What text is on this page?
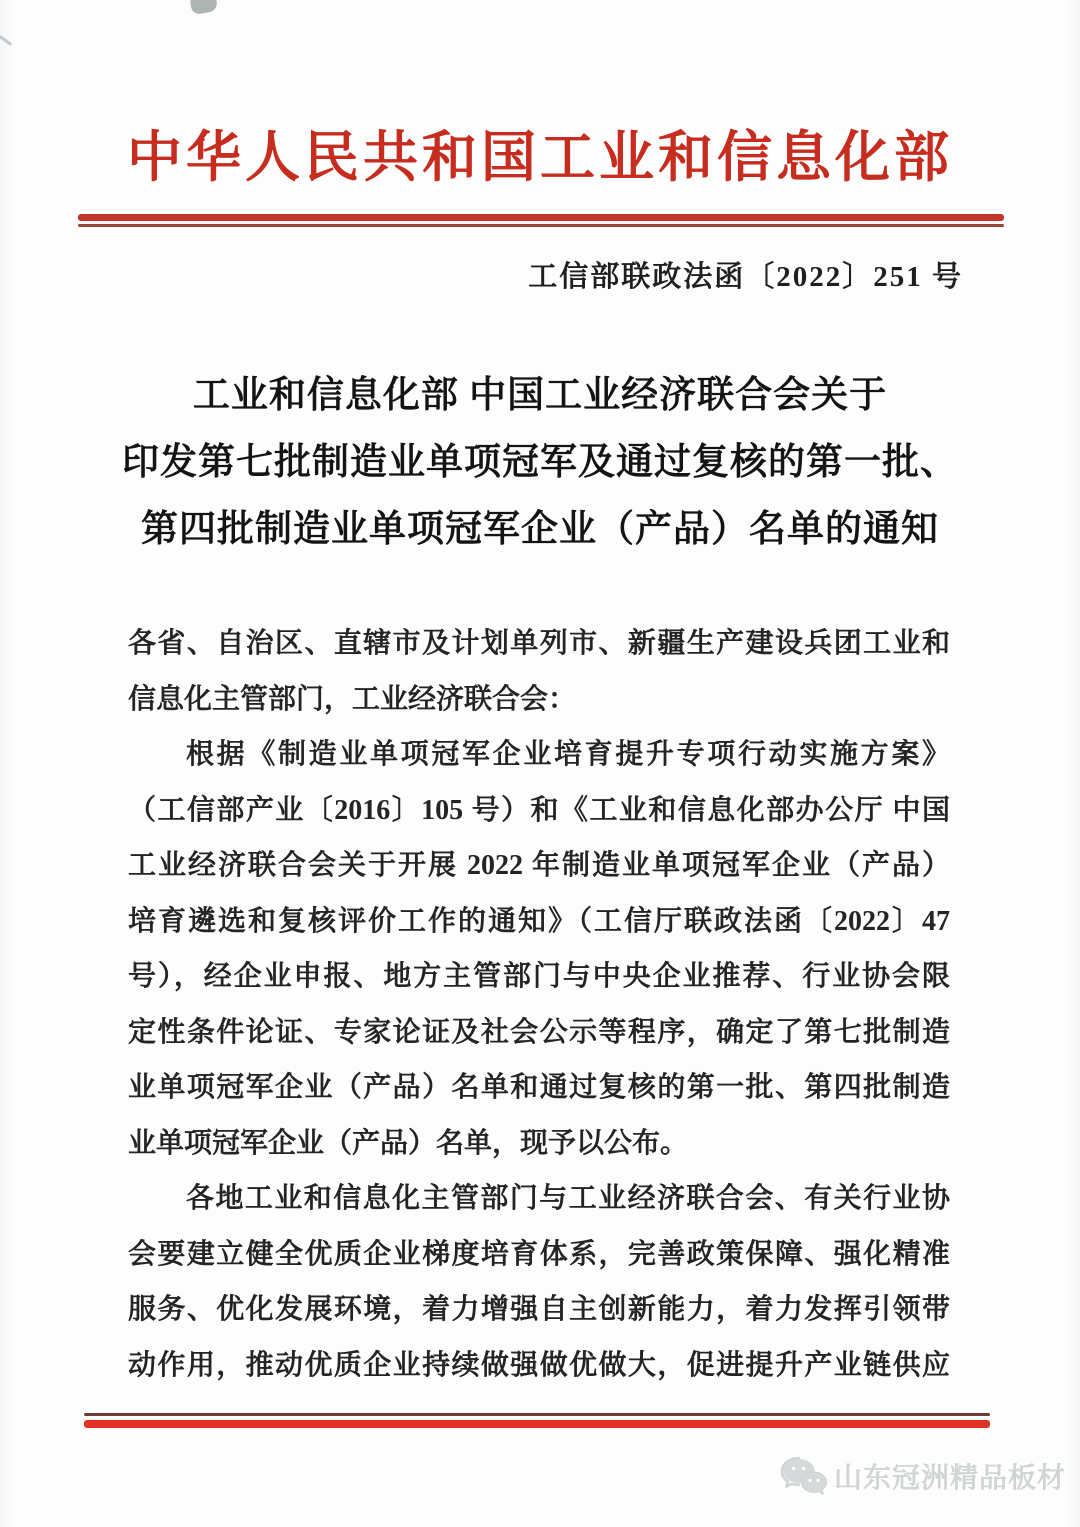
中华人民共和国工业和信息化部
工信部联政法函〔2022〕251 号
工业和信息化部 中国工业经济联合会关于
印发第七批制造业单项冠军及通过复核的第一批、
第四批制造业单项冠军企业（产品）名单的通知
各省、自治区、直辖市及计划单列市、新疆生产建设兵团工业和
信息化主管部门，工业经济联合会：
根据《制造业单项冠军企业培育提升专项行动实施方案》
（工信部产业〔2016〕105 号）和《工业和信息化部办公厅 中国
工业经济联合会关于开展 2022 年制造业单项冠军企业（产品）
培育遴选和复核评价工作的通知》（工信厅联政法函〔2022〕47
号），经企业申报、地方主管部门与中央企业推荐、行业协会限
定性条件论证、专家论证及社会公示等程序，确定了第七批制造
业单项冠军企业（产品）名单和通过复核的第一批、第四批制造
业单项冠军企业（产品）名单，现予以公布。
各地工业和信息化主管部门与工业经济联合会、有关行业协
会要建立健全优质企业梯度培育体系，完善政策保障、强化精准
服务、优化发展环境，着力增强自主创新能力，着力发挥引领带
动作用，推动优质企业持续做强做优做大，促进提升产业链供应
山东冠洲精品板材
